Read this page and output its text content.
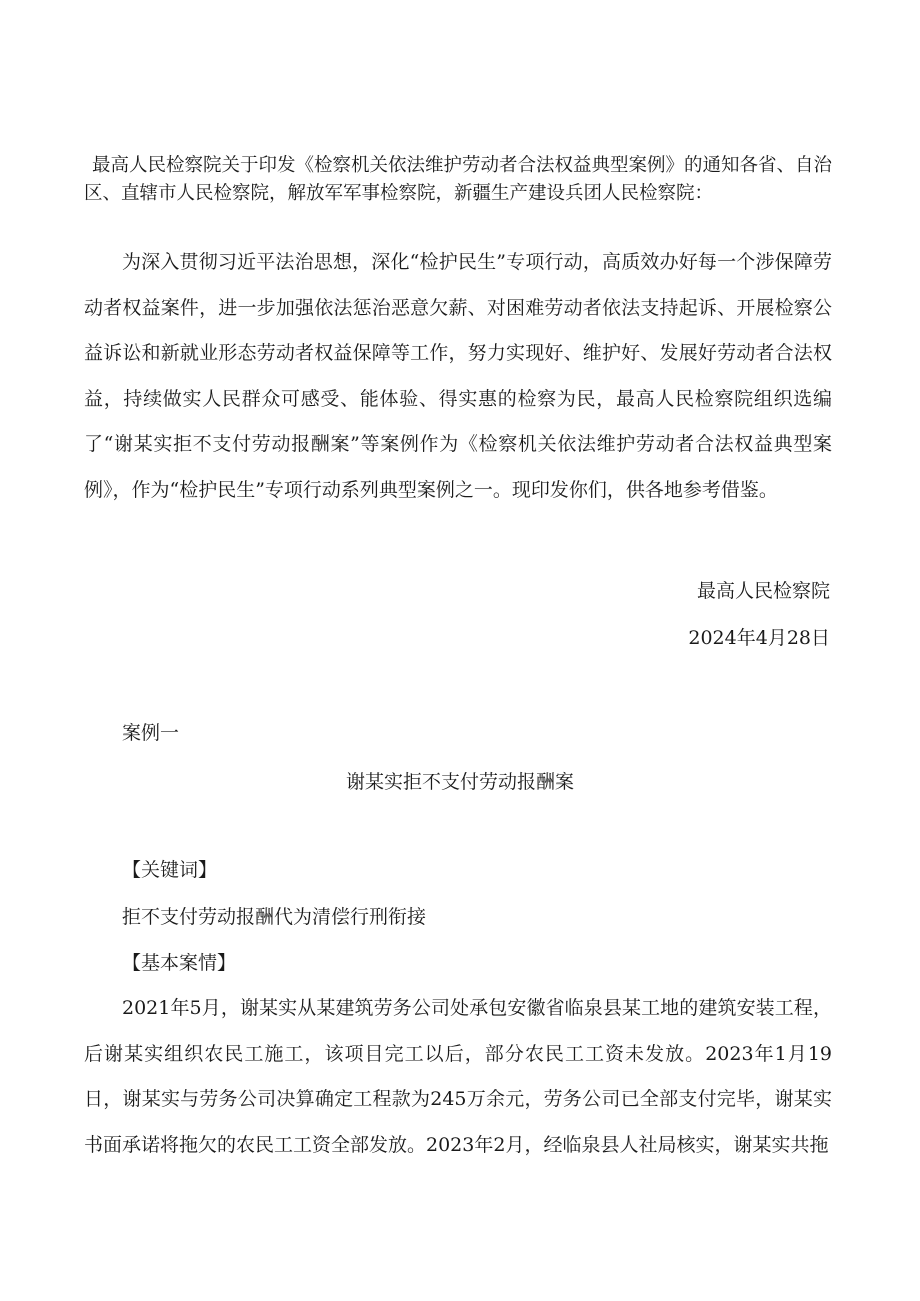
最高人民检察院关于印发《检察机关依法维护劳动者合法权益典型案例》的通知各省、自治区、直辖市人民检察院，解放军军事检察院，新疆生产建设兵团人民检察院：

为深入贯彻习近平法治思想，深化“检护民生”专项行动，高质效办好每一个涉保障劳动者权益案件，进一步加强依法惩治恶意欠薪、对困难劳动者依法支持起诉、开展检察公益诉讼和新就业形态劳动者权益保障等工作，努力实现好、维护好、发展好劳动者合法权益，持续做实人民群众可感受、能体验、得实惠的检察为民，最高人民检察院组织选编了“谢某实拒不支付劳动报酬案”等案例作为《检察机关依法维护劳动者合法权益典型案例》，作为“检护民生”专项行动系列典型案例之一。现印发你们，供各地参考借鉴。

最高人民检察院

2024年4月28日

案例一

谢某实拒不支付劳动报酬案

【关键词】

拒不支付劳动报酬代为清偿行刑衔接

【基本案情】

2021年5月，谢某实从某建筑劳务公司处承包安徽省临泉县某工地的建筑安装工程，后谢某实组织农民工施工，该项目完工以后，部分农民工工资未发放。2023年1月19日，谢某实与劳务公司决算确定工程款为245万余元，劳务公司已全部支付完毕，谢某实书面承诺将拖欠的农民工工资全部发放。2023年2月，经临泉县人社局核实，谢某实共拖
